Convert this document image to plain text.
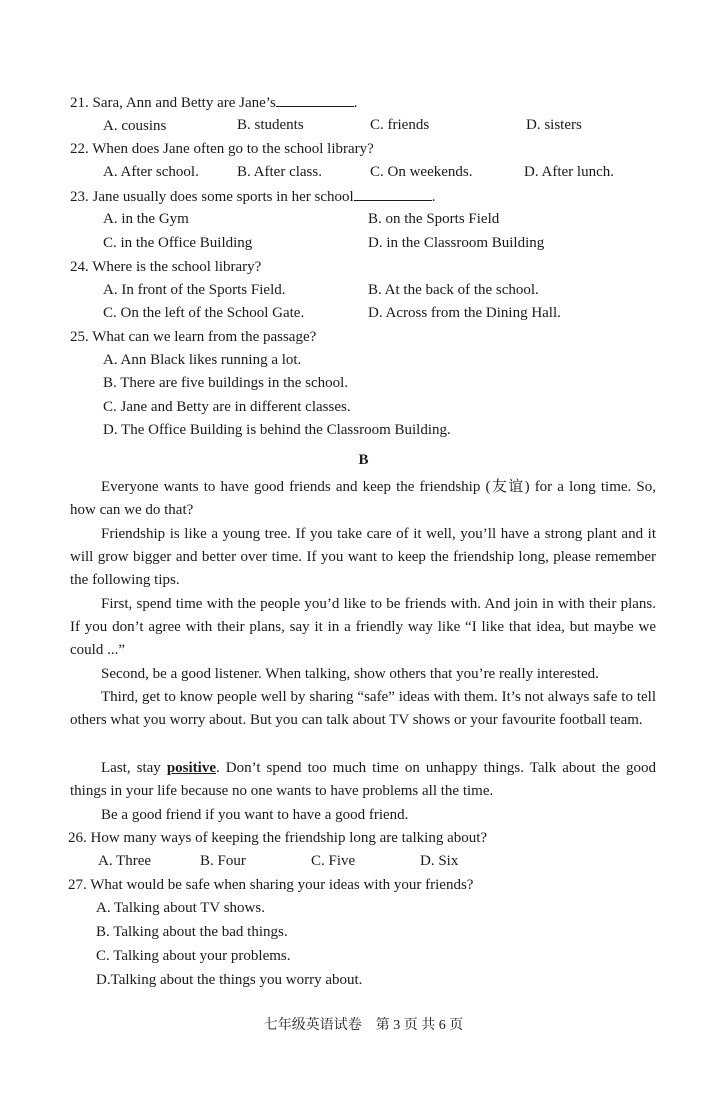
21. Sara, Ann and Betty are Jane’s	.
A. cousins	B. students	C. friends	D. sisters
22. When does Jane often go to the school library?
A. After school.	B. After class.	C. On weekends.	D. After lunch.
23. Jane usually does some sports in her school	.
A. in the Gym	B. on the Sports Field
C. in the Office Building	D. in the Classroom Building
24. Where is the school library?
A. In front of the Sports Field.	B. At the back of the school.
C. On the left of the School Gate.	D. Across from the Dining Hall.
25. What can we learn from the passage?
A. Ann Black likes running a lot.
B. There are five buildings in the school.
C. Jane and Betty are in different classes.
D. The Office Building is behind the Classroom Building.
B
Everyone wants to have good friends and keep the friendship (友谊) for a long time. So, how can we do that?
Friendship is like a young tree. If you take care of it well, you’ll have a strong plant and it will grow bigger and better over time. If you want to keep the friendship long, please remember the following tips.
First, spend time with the people you’d like to be friends with. And join in with their plans. If you don’t agree with their plans, say it in a friendly way like “I like that idea, but maybe we could ...”
Second, be a good listener. When talking, show others that you’re really interested.
Third, get to know people well by sharing “safe” ideas with them. It’s not always safe to tell others what you worry about. But you can talk about TV shows or your favourite football team.
Last, stay positive. Don’t spend too much time on unhappy things. Talk about the good things in your life because no one wants to have problems all the time.
Be a good friend if you want to have a good friend.
26. How many ways of keeping the friendship long are talking about?
A. Three	B. Four	C. Five	D. Six
27. What would be safe when sharing your ideas with your friends?
A. Talking about TV shows.
B. Talking about the bad things.
C. Talking about your problems.
D.Talking about the things you worry about.
七年级英语试卷　第 3 页 共 6 页
